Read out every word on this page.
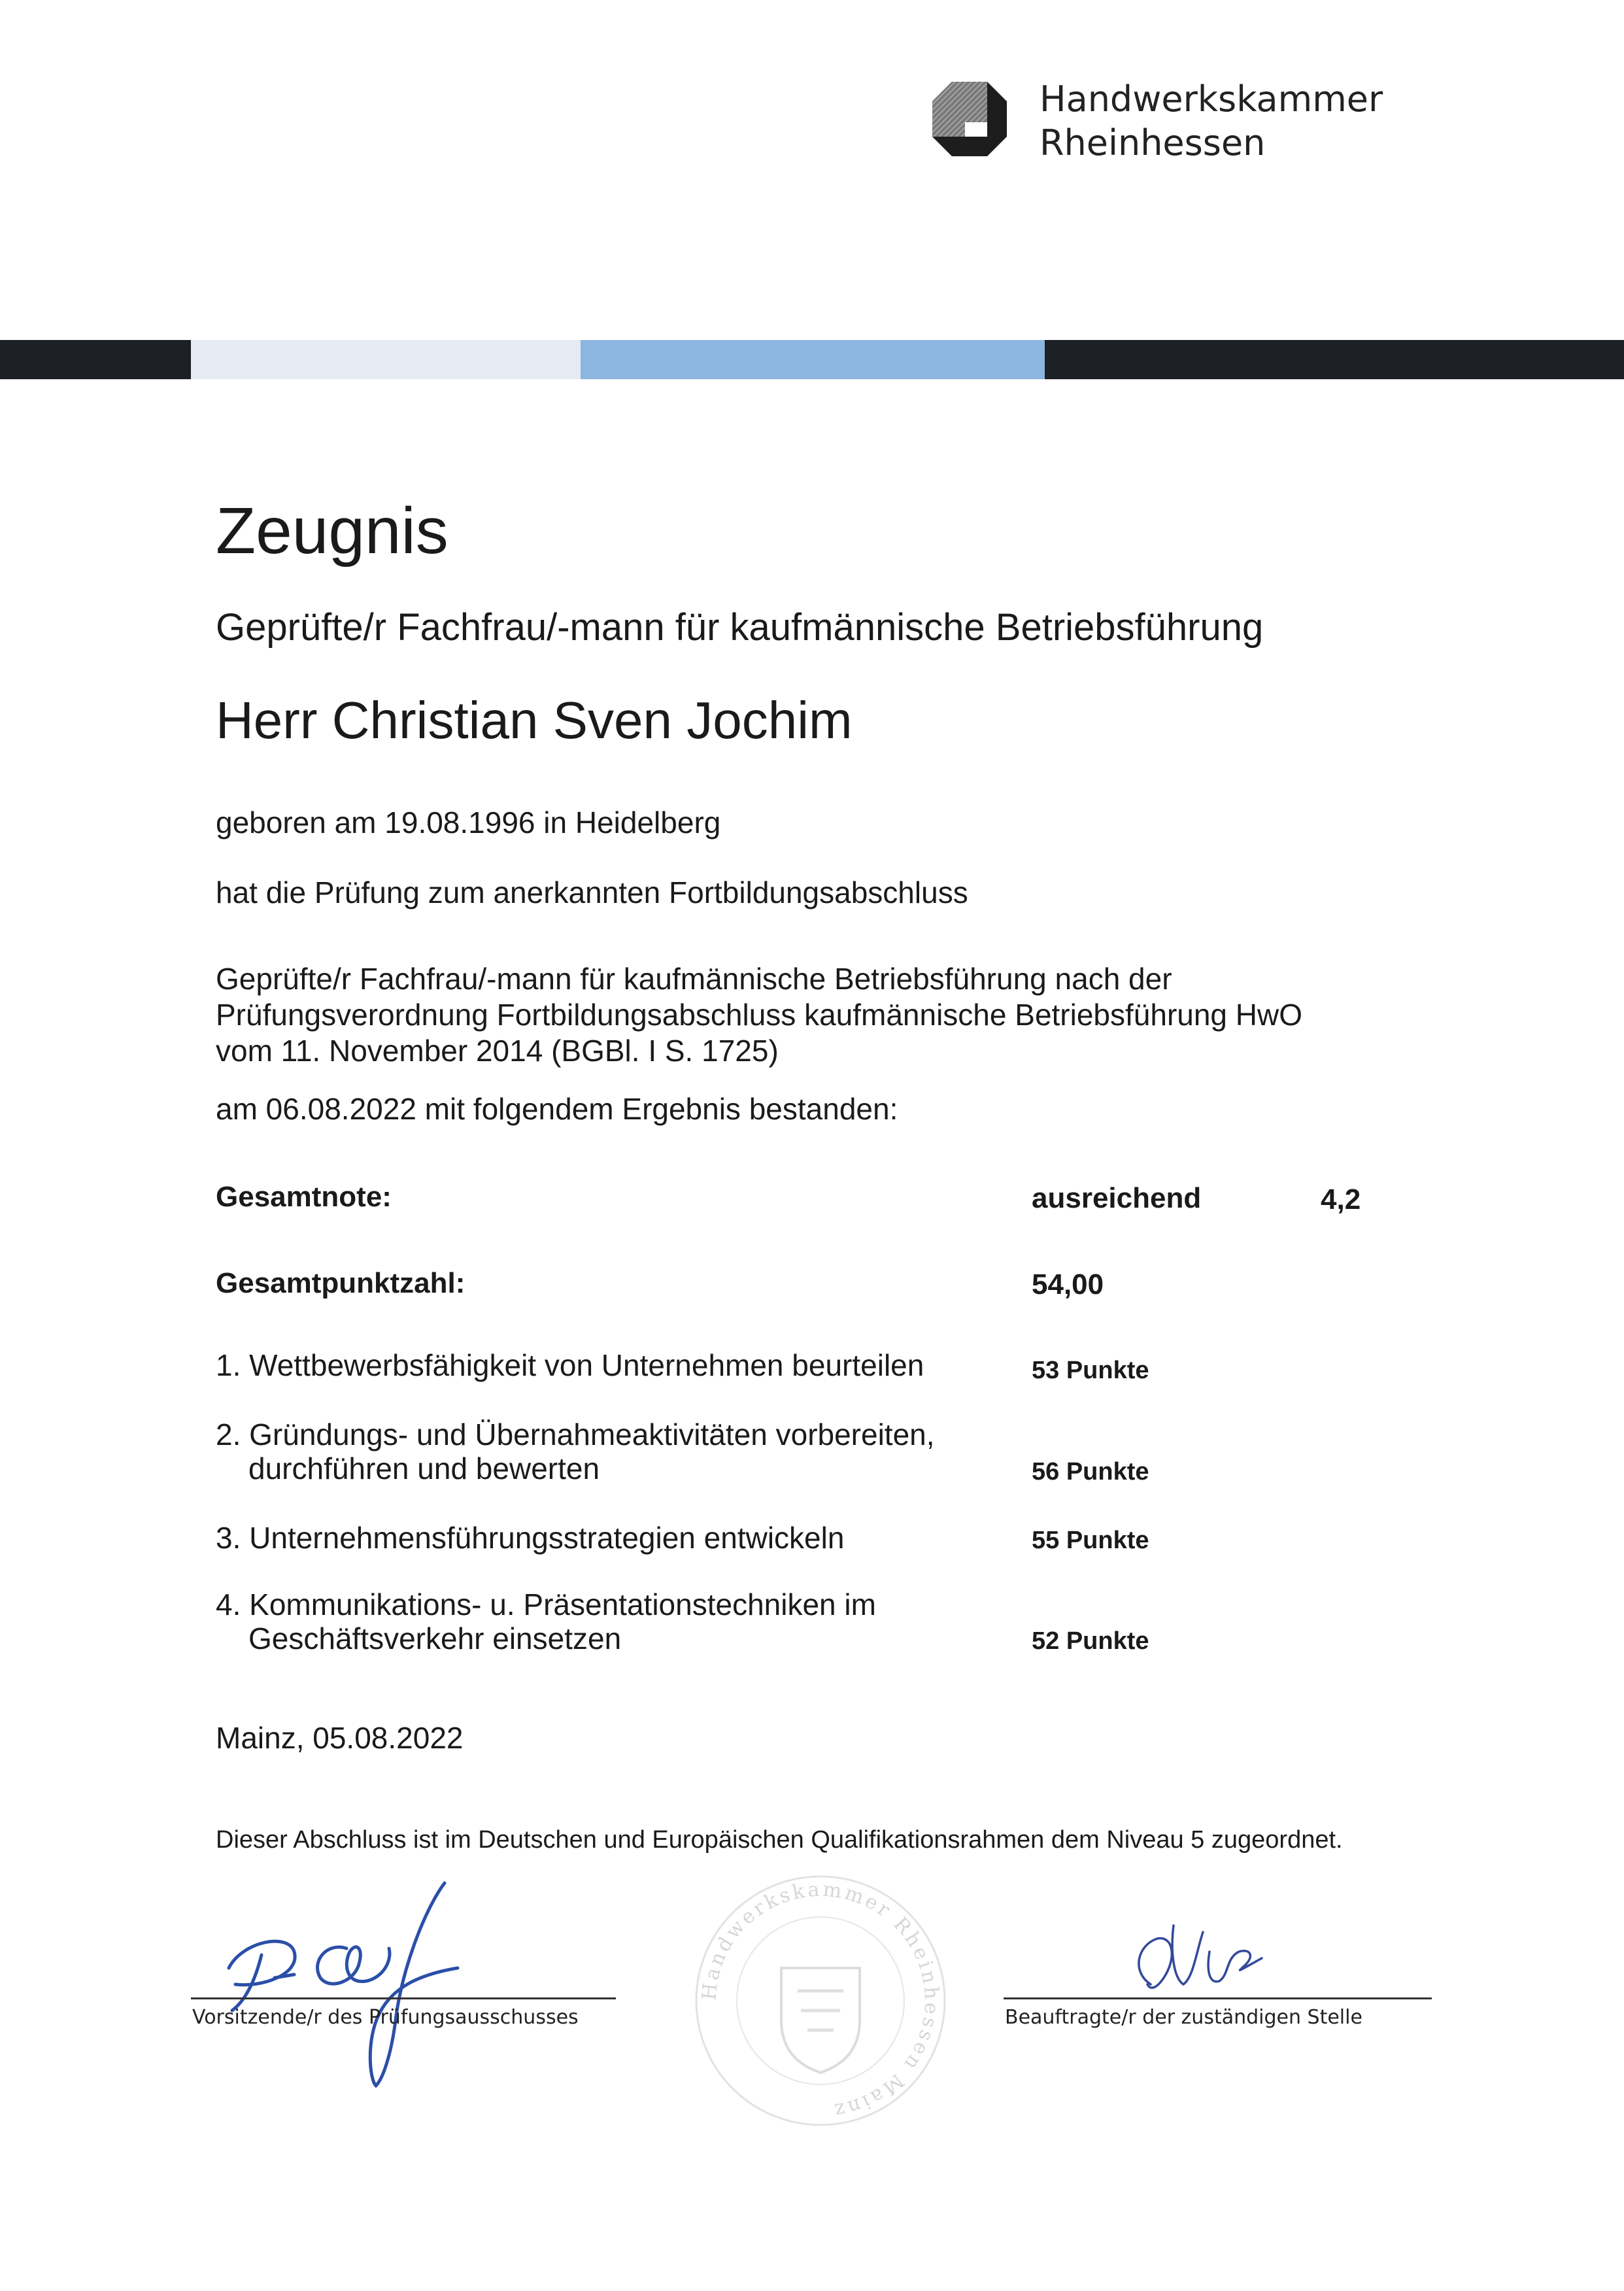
Handwerkskammer
Rheinhessen
Zeugnis
Geprüfte/r Fachfrau/-mann für kaufmännische Betriebsführung
Herr Christian Sven Jochim
geboren am 19.08.1996 in Heidelberg
hat die Prüfung zum anerkannten Fortbildungsabschluss
Geprüfte/r Fachfrau/-mann für kaufmännische Betriebsführung nach der
Prüfungsverordnung Fortbildungsabschluss kaufmännische Betriebsführung HwO
vom 11. November 2014 (BGBl. I S. 1725)
am 06.08.2022 mit folgendem Ergebnis bestanden:
Gesamtnote:	ausreichend	4,2
Gesamtpunktzahl:	54,00
1. Wettbewerbsfähigkeit von Unternehmen beurteilen	53 Punkte
2. Gründungs- und Übernahmeaktivitäten vorbereiten,
durchführen und bewerten	56 Punkte
3. Unternehmensführungsstrategien entwickeln	55 Punkte
4. Kommunikations- u. Präsentationstechniken im
Geschäftsverkehr einsetzen	52 Punkte
Mainz, 05.08.2022
Dieser Abschluss ist im Deutschen und Europäischen Qualifikationsrahmen dem Niveau 5 zugeordnet.
Handwerkskammer Rheinhessen Mainz
Vorsitzende/r des Prüfungsausschusses	Beauftragte/r der zuständigen Stelle
